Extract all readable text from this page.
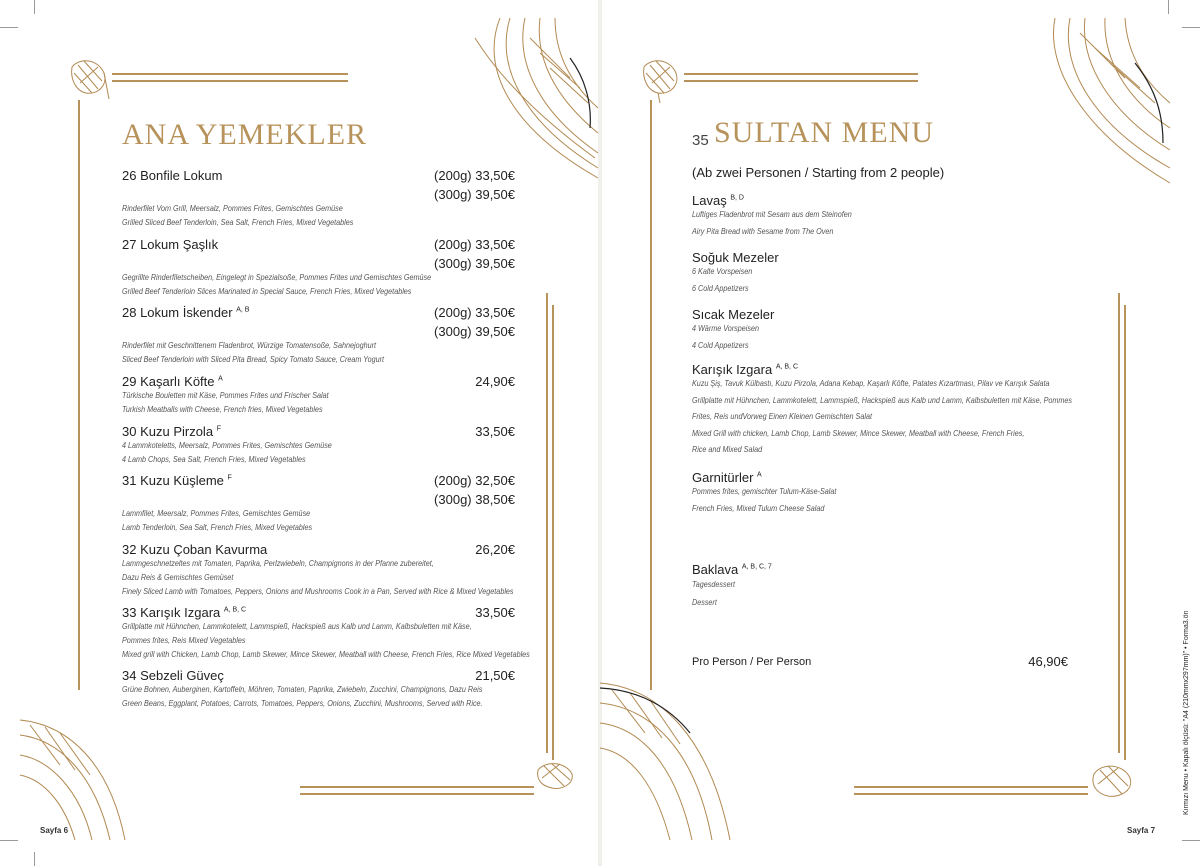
ANA YEMEKLER
26 Bonfile Lokum	(200g) 33,50€
(300g) 39,50€
Rinderfilet Vom Grill, Meersalz, Pommes Frites, Gemischtes Gemüse
Grilled Sliced Beef Tenderloin, Sea Salt, French Fries, Mixed Vegetables
27 Lokum Şaşlık	(200g) 33,50€
(300g) 39,50€
Gegrillte Rinderfiletscheiben, Eingelegt in Spezialsoße, Pommes Frites und Gemischtes Gemüse
Grilled Beef Tenderloin Slices Marinated in Special Sauce, French Fries, Mixed Vegetables
28 Lokum İskender $^{A, B}$	(200g) 33,50€
(300g) 39,50€
Rinderfilet mit Geschnittenem Fladenbrot, Würzige Tomatensoße, Sahnejoghurt
Sliced Beef Tenderloin with Sliced Pita Bread, Spicy Tomato Sauce, Cream Yogurt
29 Kaşarlı Köfte $^A$	24,90€
Türkische Bouletten mit Käse, Pommes Frites und Frischer Salat
Turkish Meatballs with Cheese, French fries, Mixed Vegetables
30 Kuzu Pirzola $^F$	33,50€
4 Lammkoteletts, Meersalz, Pommes Frites, Gemischtes Gemüse
4 Lamb Chops, Sea Salt, French Fries, Mixed Vegetables
31 Kuzu Küşleme $^F$	(200g) 32,50€
(300g) 38,50€
Lammfilet, Meersalz, Pommes Frites, Gemischtes Gemüse
Lamb Tenderloin, Sea Salt, French Fries, Mixed Vegetables
32 Kuzu Çoban Kavurma	26,20€
Lammgeschnetzeltes mit Tomaten, Paprika, Perlzwiebeln, Champignons in der Pfanne zubereitet,
Dazu Reis & Gemischtes Gemüset
Finely Sliced Lamb with Tomatoes, Peppers, Onions and Mushrooms Cook in a Pan, Served with Rice & Mixed Vegetables
33 Karışık Izgara $^{A, B, C}$	33,50€
Grillplatte mit Hühnchen, Lammkotelett, Lammspieß, Hackspieß aus Kalb und Lamm, Kalbsbuletten mit Käse,
Pommes frites, Reis Mixed Vegetables
Mixed grill with Chicken, Lamb Chop, Lamb Skewer, Mince Skewer, Meatball with Cheese, French Fries, Rice Mixed Vegetables
34 Sebzeli Güveç	21,50€
Grüne Bohnen, Auberginen, Kartoffeln, Möhren, Tomaten, Paprika, Zwiebeln, Zucchini, Champignons, Dazu Reis
Green Beans, Eggplant, Potatoes, Carrots, Tomatoes, Peppers, Onions, Zucchini, Mushrooms, Served with Rice.
Sayfa 6
35 SULTAN MENU
(Ab zwei Personen / Starting from 2 people)
Lavaş $^{B, D}$
Luftiges Fladenbrot mit Sesam aus dem Steinofen
Airy Pita Bread with Sesame from The Oven
Soğuk Mezeler
6 Kalte Vorspeisen
6 Cold Appetizers
Sıcak Mezeler
4 Wärme Vorspeisen
4 Cold Appetizers
Karışık Izgara $^{A, B, C}$
Kuzu Şiş, Tavuk Külbastı, Kuzu Pirzola, Adana Kebap, Kaşarlı Köfte, Patates Kızartması, Pilav ve Karışık Salata
Grillplatte mit Hühnchen, Lammkotelett, Lammspieß, Hackspieß aus Kalb und Lamm, Kalbsbuletten mit Käse, Pommes
Frites, Reis undVorweg Einen Kleinen Gemischten Salat
Mixed Grill with chicken, Lamb Chop, Lamb Skewer, Mince Skewer, Meatball with Cheese, French Fries,
Rice and Mixed Salad
Garnitürler $^A$
Pommes frites, gemischter Tulum-Käse-Salat
French Fries, Mixed Tulum Cheese Salad
Baklava $^{A, B, C, 7}$
Tagesdessert
Dessert
Pro Person / Per Person	46,90€
Sayfa 7
Kırmızı Menu • Kapalı ölçüsü: "A4 (210mmx297mm)" • Forma3.ön
